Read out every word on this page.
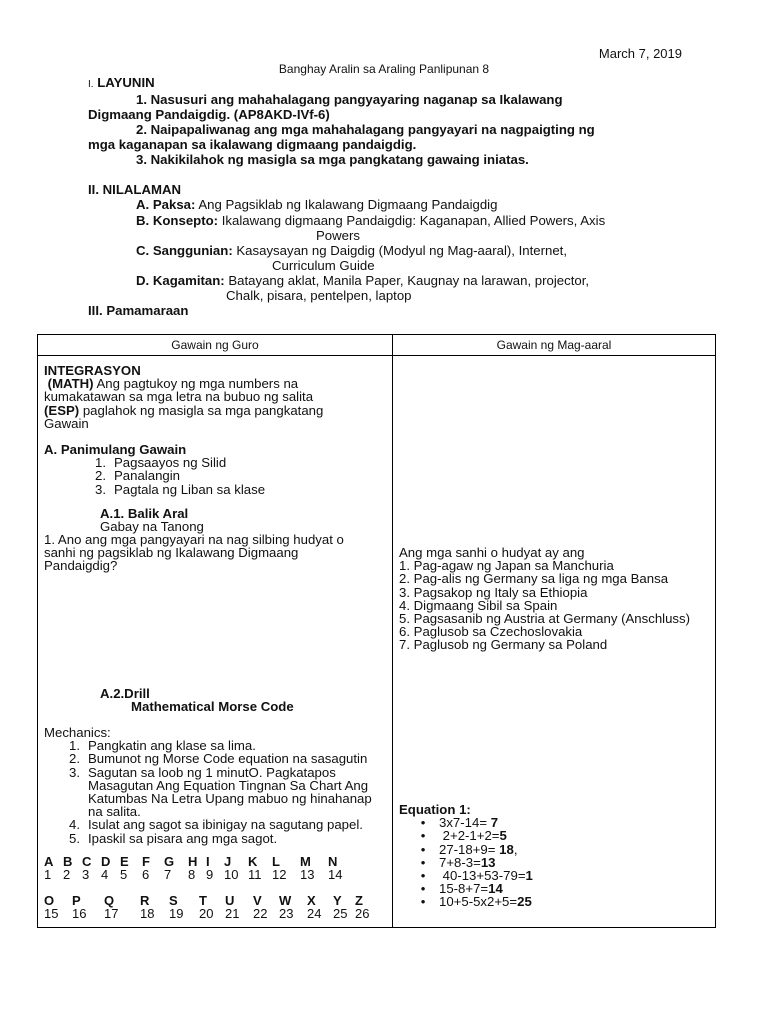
March 7, 2019
Banghay Aralin sa Araling Panlipunan 8
I. LAYUNIN
1. Nasusuri ang mahahalagang pangyayaring naganap sa Ikalawang
Digmaang Pandaigdig. (AP8AKD-IVf-6)
2. Naipapaliwanag ang mga mahahalagang pangyayari na nagpaigting ng
mga kaganapan sa ikalawang digmaang pandaigdig.
3. Nakikilahok ng masigla sa mga pangkatang gawaing iniatas.
II. NILALAMAN
A. Paksa: Ang Pagsiklab ng Ikalawang Digmaang Pandaigdig
B. Konsepto: Ikalawang digmaang Pandaigdig: Kaganapan, Allied Powers, Axis
Powers
C. Sanggunian: Kasaysayan ng Daigdig (Modyul ng Mag-aaral), Internet,
Curriculum Guide
D. Kagamitan: Batayang aklat, Manila Paper, Kaugnay na larawan, projector,
Chalk, pisara, pentelpen, laptop
III. Pamamaraan
Gawain ng Guro	Gawain ng Mag-aaral
INTEGRASYON
(MATH) Ang pagtukoy ng mga numbers na
kumakatawan sa mga letra na bubuo ng salita
(ESP) paglahok ng masigla sa mga pangkatang
Gawain
A. Panimulang Gawain
1. Pagsaayos ng Silid
2. Panalangin
3. Pagtala ng Liban sa klase
A.1. Balik Aral
Gabay na Tanong
1. Ano ang mga pangyayari na nag silbing hudyat o
sanhi ng pagsiklab ng Ikalawang Digmaang
Pandaigdig?
A.2.Drill
Mathematical Morse Code
Mechanics:
1. Pangkatin ang klase sa lima.
2. Bumunot ng Morse Code equation na sasagutin
3. Sagutan sa loob ng 1 minutO. Pagkatapos
Masagutan Ang Equation Tingnan Sa Chart Ang
Katumbas Na Letra Upang mabuo ng hinahanap
na salita.
4. Isulat ang sagot sa ibinigay na sagutang papel.
5. Ipaskil sa pisara ang mga sagot.
A B C D E F G H I J K L M N
1 2 3 4 5 6 7 8 9 10 11 12 13 14
O P Q R S T U V W X Y Z
15 16 17 18 19 20 21 22 23 24 25 26
Ang mga sanhi o hudyat ay ang
1. Pag-agaw ng Japan sa Manchuria
2. Pag-alis ng Germany sa liga ng mga Bansa
3. Pagsakop ng Italy sa Ethiopia
4. Digmaang Sibil sa Spain
5. Pagsasanib ng Austria at Germany (Anschluss)
6. Paglusob sa Czechoslovakia
7. Paglusob ng Germany sa Poland
Equation 1:
• 3x7-14= 7
• 2+2-1+2=5
• 27-18+9= 18,
• 7+8-3=13
• 40-13+53-79=1
• 15-8+7=14
• 10+5-5x2+5=25
